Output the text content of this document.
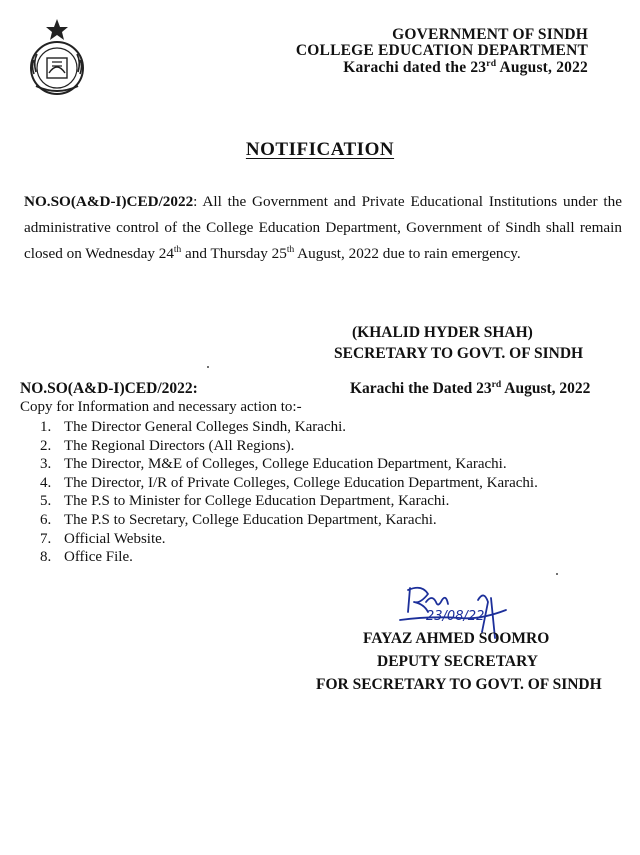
GOVERNMENT OF SINDH
COLLEGE EDUCATION DEPARTMENT
Karachi dated the 23rd August, 2022
NOTIFICATION
NO.SO(A&D-I)CED/2022: All the Government and Private Educational Institutions under the administrative control of the College Education Department, Government of Sindh shall remain closed on Wednesday 24th and Thursday 25th August, 2022 due to rain emergency.
(KHALID HYDER SHAH)
SECRETARY TO GOVT. OF SINDH
NO.SO(A&D-I)CED/2022:	Karachi the Dated 23rd August, 2022
Copy for Information and necessary action to:-
1. The Director General Colleges Sindh, Karachi.
2. The Regional Directors (All Regions).
3. The Director, M&E of Colleges, College Education Department, Karachi.
4. The Director, I/R of Private Colleges, College Education Department, Karachi.
5. The P.S to Minister for College Education Department, Karachi.
6. The P.S to Secretary, College Education Department, Karachi.
7. Official Website.
8. Office File.
23/08/22
FAYAZ AHMED SOOMRO
DEPUTY SECRETARY
FOR SECRETARY TO GOVT. OF SINDH
